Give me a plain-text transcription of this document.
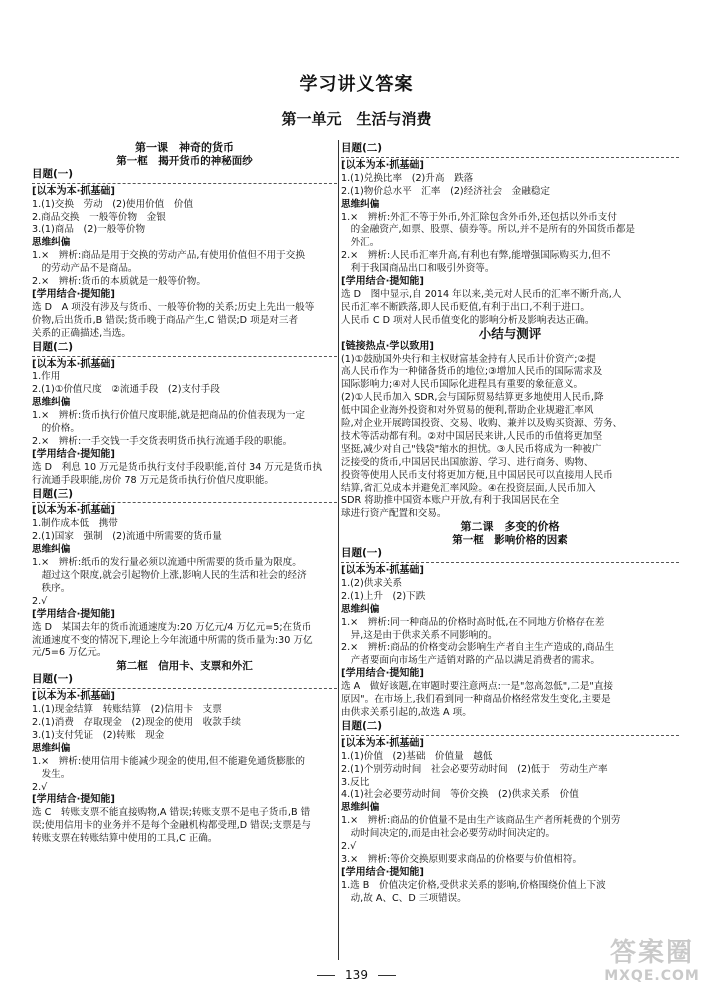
学习讲义答案
第一单元　生活与消费

第一课　神奇的货币

第一框　揭开货币的神秘面纱

目题(一)

[以本为本·抓基础]

1.(1)交换　劳动　(2)使用价值　价值

2.商品交换　一般等价物　金银

3.(1)商品　(2)一般等价物

思维纠偏

1.×　辨析:商品是用于交换的劳动产品,有使用价值但不用于交换

　的劳动产品不是商品。

2.×　辨析:货币的本质就是一般等价物。

[学用结合·提知能]

选 D　A 项没有涉及与货币、一般等价物的关系;历史上先出一般等

价物,后出货币,B 错误;货币晚于商品产生,C 错误;D 项是对三者

关系的正确描述,当选。

目题(二)

[以本为本·抓基础]

1.作用

2.(1)①价值尺度　②流通手段　(2)支付手段

思维纠偏

1.×　辨析:货币执行价值尺度职能,就是把商品的价值表现为一定

　的价格。

2.×　辨析:一手交钱一手交货表明货币执行流通手段的职能。

[学用结合·提知能]

选 D　利息 10 万元是货币执行支付手段职能,首付 34 万元是货币执

行流通手段职能,房价 78 万元是货币执行价值尺度职能。

目题(三)

[以本为本·抓基础]

1.制作成本低　携带

2.(1)国家　强制　(2)流通中所需要的货币量

思维纠偏

1.×　辨析:纸币的发行量必须以流通中所需要的货币量为限度。

　超过这个限度,就会引起物价上涨,影响人民的生活和社会的经济

　秩序。

2.√

[学用结合·提知能]

选 D　某国去年的货币流通速度为:20 万亿元/4 万亿元=5;在货币

流通速度不变的情况下,理论上今年流通中所需的货币量为:30 万亿

元/5=6 万亿元。

第二框　信用卡、支票和外汇

目题(一)

[以本为本·抓基础]

1.(1)现金结算　转账结算　(2)信用卡　支票

2.(1)消费　存取现金　(2)现金的使用　收款手续

3.(1)支付凭证　(2)转账　现金

思维纠偏

1.×　辨析:使用信用卡能减少现金的使用,但不能避免通货膨胀的

　发生。

2.√

[学用结合·提知能]

选 C　转账支票不能直接购物,A 错误;转账支票不是电子货币,B 错

误;使用信用卡的业务并不是每个金融机构都受理,D 错误;支票是与

转账支票在转账结算中使用的工具,C 正确。

目题(二)

[以本为本·抓基础]

1.(1)兑换比率　(2)升高　跌落

2.(1)物价总水平　汇率　(2)经济社会　金融稳定

思维纠偏

1.×　辨析:外汇不等于外币,外汇除包含外币外,还包括以外币支付

　的金融资产,如票、股票、债券等。所以,并不是所有的外国货币都是

　外汇。

2.×　辨析:人民币汇率升高,有利也有弊,能增强国际购买力,但不

　利于我国商品出口和吸引外资等。

[学用结合·提知能]

选 D　图中显示,自 2014 年以来,美元对人民币的汇率不断升高,人

民币汇率不断跌落,即人民币贬值,有利于出口,不利于进口。

人民币 C D 项对人民币值变化的影响分析及影响表达正确。

小结与测评

[链接热点·学以致用]

(1)①鼓励国外央行和主权财富基金持有人民币计价资产;②提

高人民币作为一种储备货币的地位;③增加人民币的国际需求及

国际影响力;④对人民币国际化进程具有重要的象征意义。

(2)①人民币加入 SDR,会与国际贸易结算更多地使用人民币,降

低中国企业海外投资和对外贸易的便利,帮助企业规避汇率风

险,对企业开展跨国投资、交易、收购、兼并以及购买资源、劳务、

技术等活动都有利。②对中国居民来讲,人民币的币值将更加坚

坚挺,减少对自己"钱袋"缩水的担忧。③人民币将成为一种被广

泛接受的货币,中国居民出国旅游、学习、进行商务、购物、

投资等使用人民币支付将更加方便,且中国居民可以直接用人民币

结算,省汇兑成本并避免汇率风险。④在投资层面,人民币加入

SDR 将助推中国资本账户开放,有利于我国居民在全

球进行资产配置和交易。

第二课　多变的价格

第一框　影响价格的因素

目题(一)

[以本为本·抓基础]

1.(2)供求关系

2.(1)上升　(2)下跌

思维纠偏

1.×　辨析:同一种商品的价格时高时低,在不同地方价格存在差

　异,这是由于供求关系不同影响的。

2.×　辨析:商品的价格变动会影响生产者自主生产造成的,商品生

　产者要面向市场生产适销对路的产品以满足消费者的需求。

[学用结合·提知能]

选 A　做好该题,在审题时要注意两点:一是"忽高忽低",二是"直接

原因"。在市场上,我们看到同一种商品价格经常发生变化,主要是

由供求关系引起的,故选 A 项。

目题(二)

[以本为本·抓基础]

1.(1)价值　(2)基础　价值量　越低

2.(1)个别劳动时间　社会必要劳动时间　(2)低于　劳动生产率

3.反比

4.(1)社会必要劳动时间　等价交换　(2)供求关系　价值

思维纠偏

1.×　辨析:商品的价值量不是由生产该商品生产者所耗费的个别劳

　动时间决定的,而是由社会必要劳动时间决定的。

2.√

3.×　辨析:等价交换原则要求商品的价格要与价值相符。

[学用结合·提知能]

1.选 B　价值决定价格,受供求关系的影响,价格围绕价值上下波

　动,故 A、C、D 三项错误。

139
答案圈
MXQE.COM
